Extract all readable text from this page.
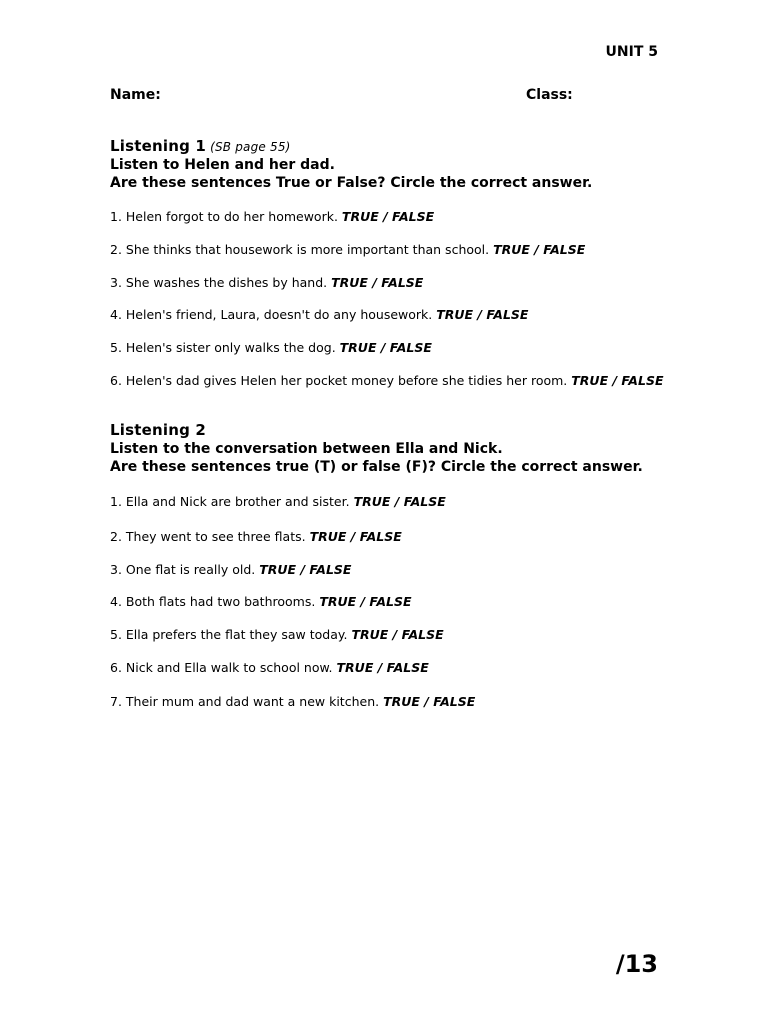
UNIT 5
Name:	Class:
Listening 1 (SB page 55)
Listen to Helen and her dad.
Are these sentences True or False? Circle the correct answer.
1. Helen forgot to do her homework. TRUE / FALSE
2. She thinks that housework is more important than school. TRUE / FALSE
3. She washes the dishes by hand. TRUE / FALSE
4. Helen's friend, Laura, doesn't do any housework. TRUE / FALSE
5. Helen's sister only walks the dog. TRUE / FALSE
6. Helen's dad gives Helen her pocket money before she tidies her room. TRUE / FALSE
Listening 2
Listen to the conversation between Ella and Nick.
Are these sentences true (T) or false (F)? Circle the correct answer.
1. Ella and Nick are brother and sister. TRUE / FALSE
2. They went to see three flats. TRUE / FALSE
3. One flat is really old. TRUE / FALSE
4. Both flats had two bathrooms. TRUE / FALSE
5. Ella prefers the flat they saw today. TRUE / FALSE
6. Nick and Ella walk to school now. TRUE / FALSE
7. Their mum and dad want a new kitchen. TRUE / FALSE
/13
